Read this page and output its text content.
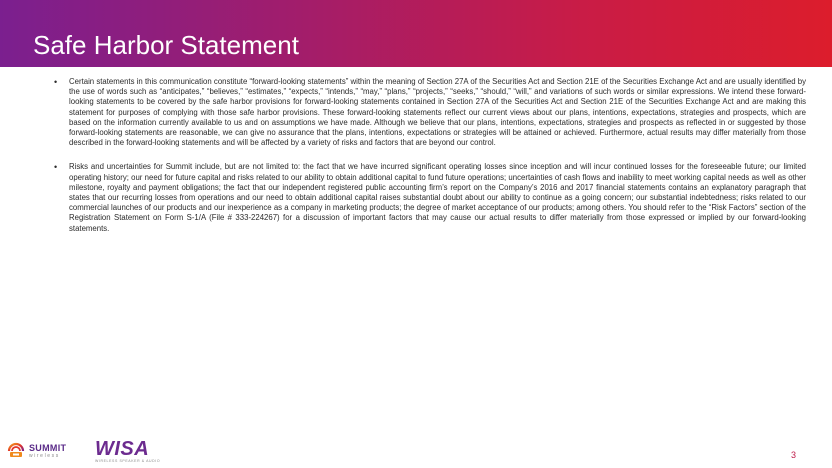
Safe Harbor Statement
•	Certain statements in this communication constitute “forward-looking statements” within the meaning of Section 27A of the Securities Act and Section 21E of the Securities Exchange Act and are usually identified by the use of words such as “anticipates,” “believes,” “estimates,” “expects,” “intends,” “may,” “plans,” “projects,” “seeks,” “should,” “will,” and variations of such words or similar expressions. We intend these forward-looking statements to be covered by the safe harbor provisions for forward-looking statements contained in Section 27A of the Securities Act and Section 21E of the Securities Exchange Act and are making this statement for purposes of complying with those safe harbor provisions. These forward-looking statements reflect our current views about our plans, intentions, expectations, strategies and prospects, which are based on the information currently available to us and on assumptions we have made. Although we believe that our plans, intentions, expectations, strategies and prospects as reflected in or suggested by those forward-looking statements are reasonable, we can give no assurance that the plans, intentions, expectations or strategies will be attained or achieved. Furthermore, actual results may differ materially from those described in the forward-looking statements and will be affected by a variety of risks and factors that are beyond our control.
•	Risks and uncertainties for Summit include, but are not limited to: the fact that we have incurred significant operating losses since inception and will incur continued losses for the foreseeable future; our limited operating history; our need for future capital and risks related to our ability to obtain additional capital to fund future operations; uncertainties of cash flows and inability to meet working capital needs as well as other milestone, royalty and payment obligations; the fact that our independent registered public accounting firm’s report on the Company’s 2016 and 2017 financial statements contains an explanatory paragraph that states that our recurring losses from operations and our need to obtain additional capital raises substantial doubt about our ability to continue as a going concern; our substantial indebtedness; risks related to our commercial launches of our products and our inexperience as a company in marketing products; the degree of market acceptance of our products; among others. You should refer to the “Risk Factors” section of the Registration Statement on Form S-1/A (File # 333-224267) for a discussion of important factors that may cause our actual results to differ materially from those expressed or implied by our forward-looking statements.
SUMMIT
wireless	WISA
WIRELESS SPEAKER & AUDIO
3
